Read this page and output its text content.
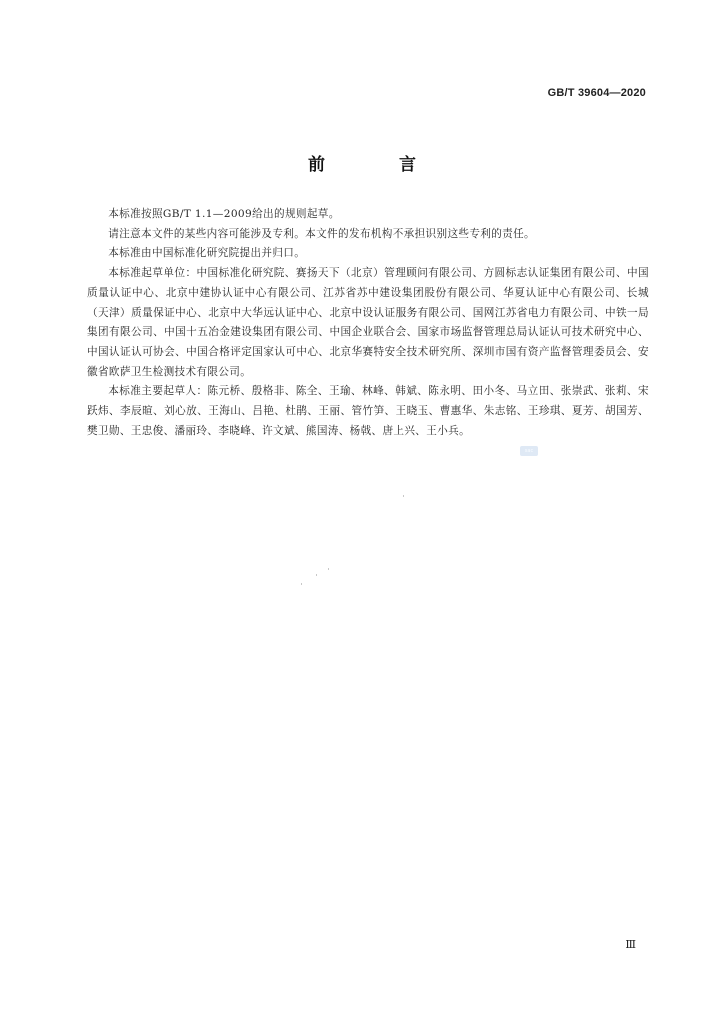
GB/T 39604—2020
前 言

本标准按照GB/T 1.1—2009给出的规则起草。

请注意本文件的某些内容可能涉及专利。本文件的发布机构不承担识别这些专利的责任。

本标准由中国标准化研究院提出并归口。

本标准起草单位：中国标准化研究院、赛扬天下（北京）管理顾问有限公司、方圆标志认证集团有限公司、中国质量认证中心、北京中建协认证中心有限公司、江苏省苏中建设集团股份有限公司、华夏认证中心有限公司、长城（天津）质量保证中心、北京中大华远认证中心、北京中设认证服务有限公司、国网江苏省电力有限公司、中铁一局集团有限公司、中国十五冶金建设集团有限公司、中国企业联合会、国家市场监督管理总局认证认可技术研究中心、中国认证认可协会、中国合格评定国家认可中心、北京华赛特安全技术研究所、深圳市国有资产监督管理委员会、安徽省欧萨卫生检测技术有限公司。

本标准主要起草人：陈元桥、殷格非、陈全、王瑜、林峰、韩斌、陈永明、田小冬、马立田、张崇武、张莉、宋跃炜、李辰暄、刘心放、王海山、吕艳、杜鹃、王丽、管竹笋、王晓玉、曹惠华、朱志铭、王珍琪、夏芳、胡国芳、樊卫勋、王忠俊、潘丽玲、李晓峰、许文斌、熊国涛、杨戟、唐上兴、王小兵。

sac
Ⅲ
